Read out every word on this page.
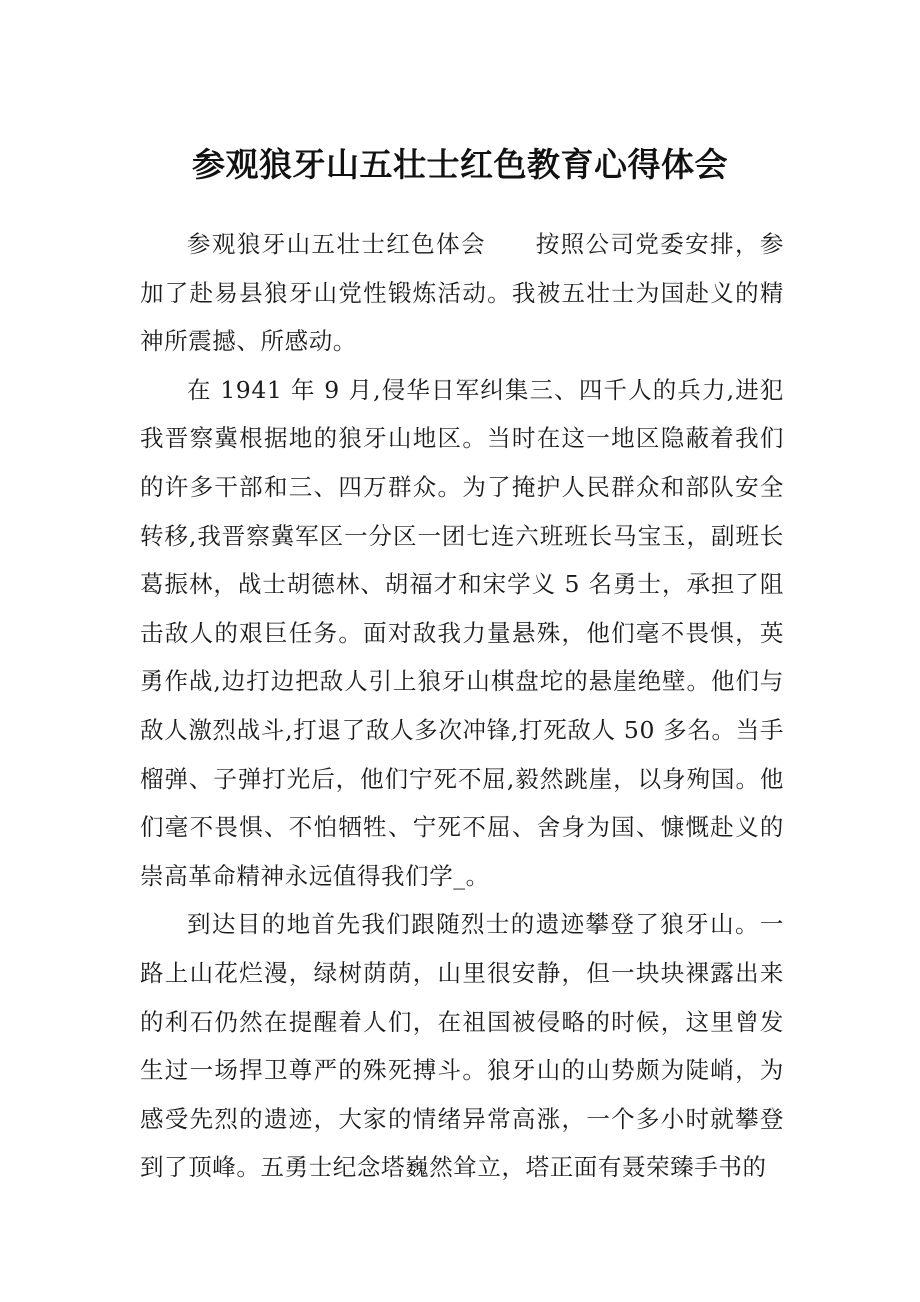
参观狼牙山五壮士红色教育心得体会

参观狼牙山五壮士红色体会　　按照公司党委安排，参加了赴易县狼牙山党性锻炼活动。我被五壮士为国赴义的精神所震撼、所感动。

在 1941 年 9 月,侵华日军纠集三、四千人的兵力,进犯我晋察冀根据地的狼牙山地区。当时在这一地区隐蔽着我们的许多干部和三、四万群众。为了掩护人民群众和部队安全转移,我晋察冀军区一分区一团七连六班班长马宝玉，副班长葛振林，战士胡德林、胡福才和宋学义 5 名勇士，承担了阻击敌人的艰巨任务。面对敌我力量悬殊，他们毫不畏惧，英勇作战,边打边把敌人引上狼牙山棋盘坨的悬崖绝壁。他们与敌人激烈战斗,打退了敌人多次冲锋,打死敌人 50 多名。当手榴弹、子弹打光后，他们宁死不屈,毅然跳崖，以身殉国。他们毫不畏惧、不怕牺牲、宁死不屈、舍身为国、慷慨赴义的崇高革命精神永远值得我们学_。

到达目的地首先我们跟随烈士的遗迹攀登了狼牙山。一路上山花烂漫，绿树荫荫，山里很安静，但一块块裸露出来的利石仍然在提醒着人们，在祖国被侵略的时候，这里曾发生过一场捍卫尊严的殊死搏斗。狼牙山的山势颇为陡峭，为感受先烈的遗迹，大家的情绪异常高涨，一个多小时就攀登到了顶峰。五勇士纪念塔巍然耸立，塔正面有聂荣臻手书的
